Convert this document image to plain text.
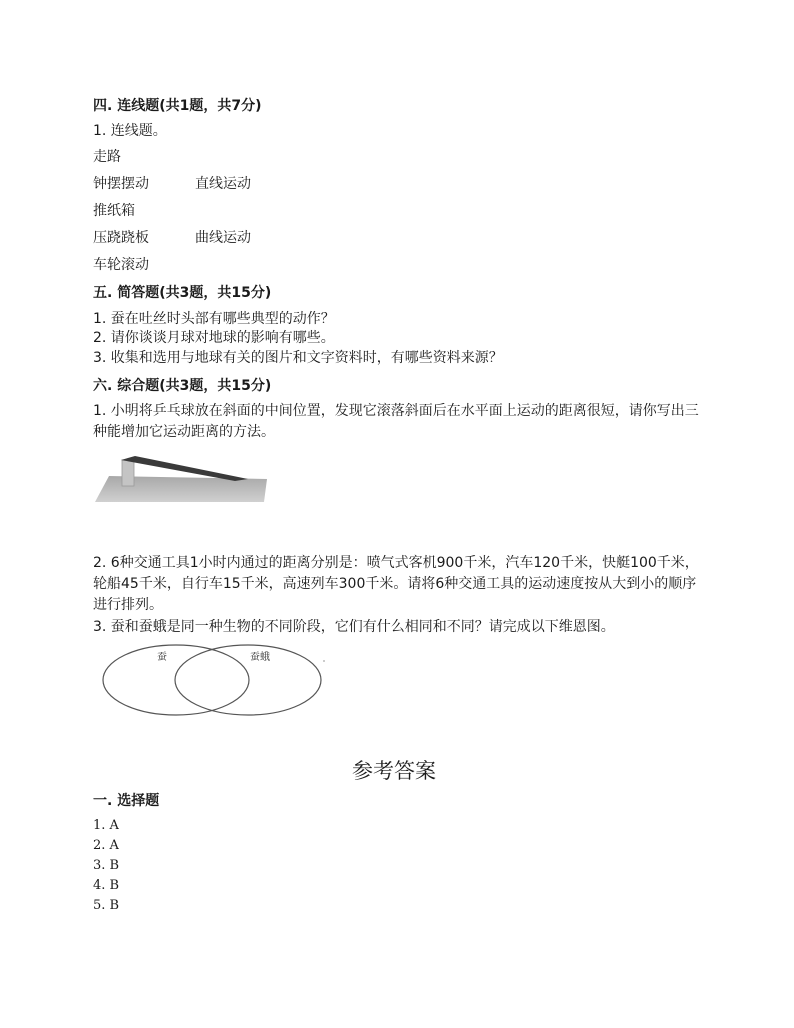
四. 连线题(共1题，共7分)
1. 连线题。
走路
钟摆摆动	直线运动
推纸箱
压跷跷板	曲线运动
车轮滚动
五. 简答题(共3题，共15分)
1. 蚕在吐丝时头部有哪些典型的动作？
2. 请你谈谈月球对地球的影响有哪些。
3. 收集和选用与地球有关的图片和文字资料时，有哪些资料来源？
六. 综合题(共3题，共15分)
1. 小明将乒乓球放在斜面的中间位置，发现它滚落斜面后在水平面上运动的距离很短，请你写出三种能增加它运动距离的方法。
2. 6种交通工具1小时内通过的距离分别是：喷气式客机900千米，汽车120千米，快艇100千米，轮船45千米，自行车15千米，高速列车300千米。请将6种交通工具的运动速度按从大到小的顺序进行排列。
3. 蚕和蚕蛾是同一种生物的不同阶段，它们有什么相同和不同？请完成以下维恩图。
蚕	蚕蛾
参考答案
一. 选择题
1. A
2. A
3. B
4. B
5. B
